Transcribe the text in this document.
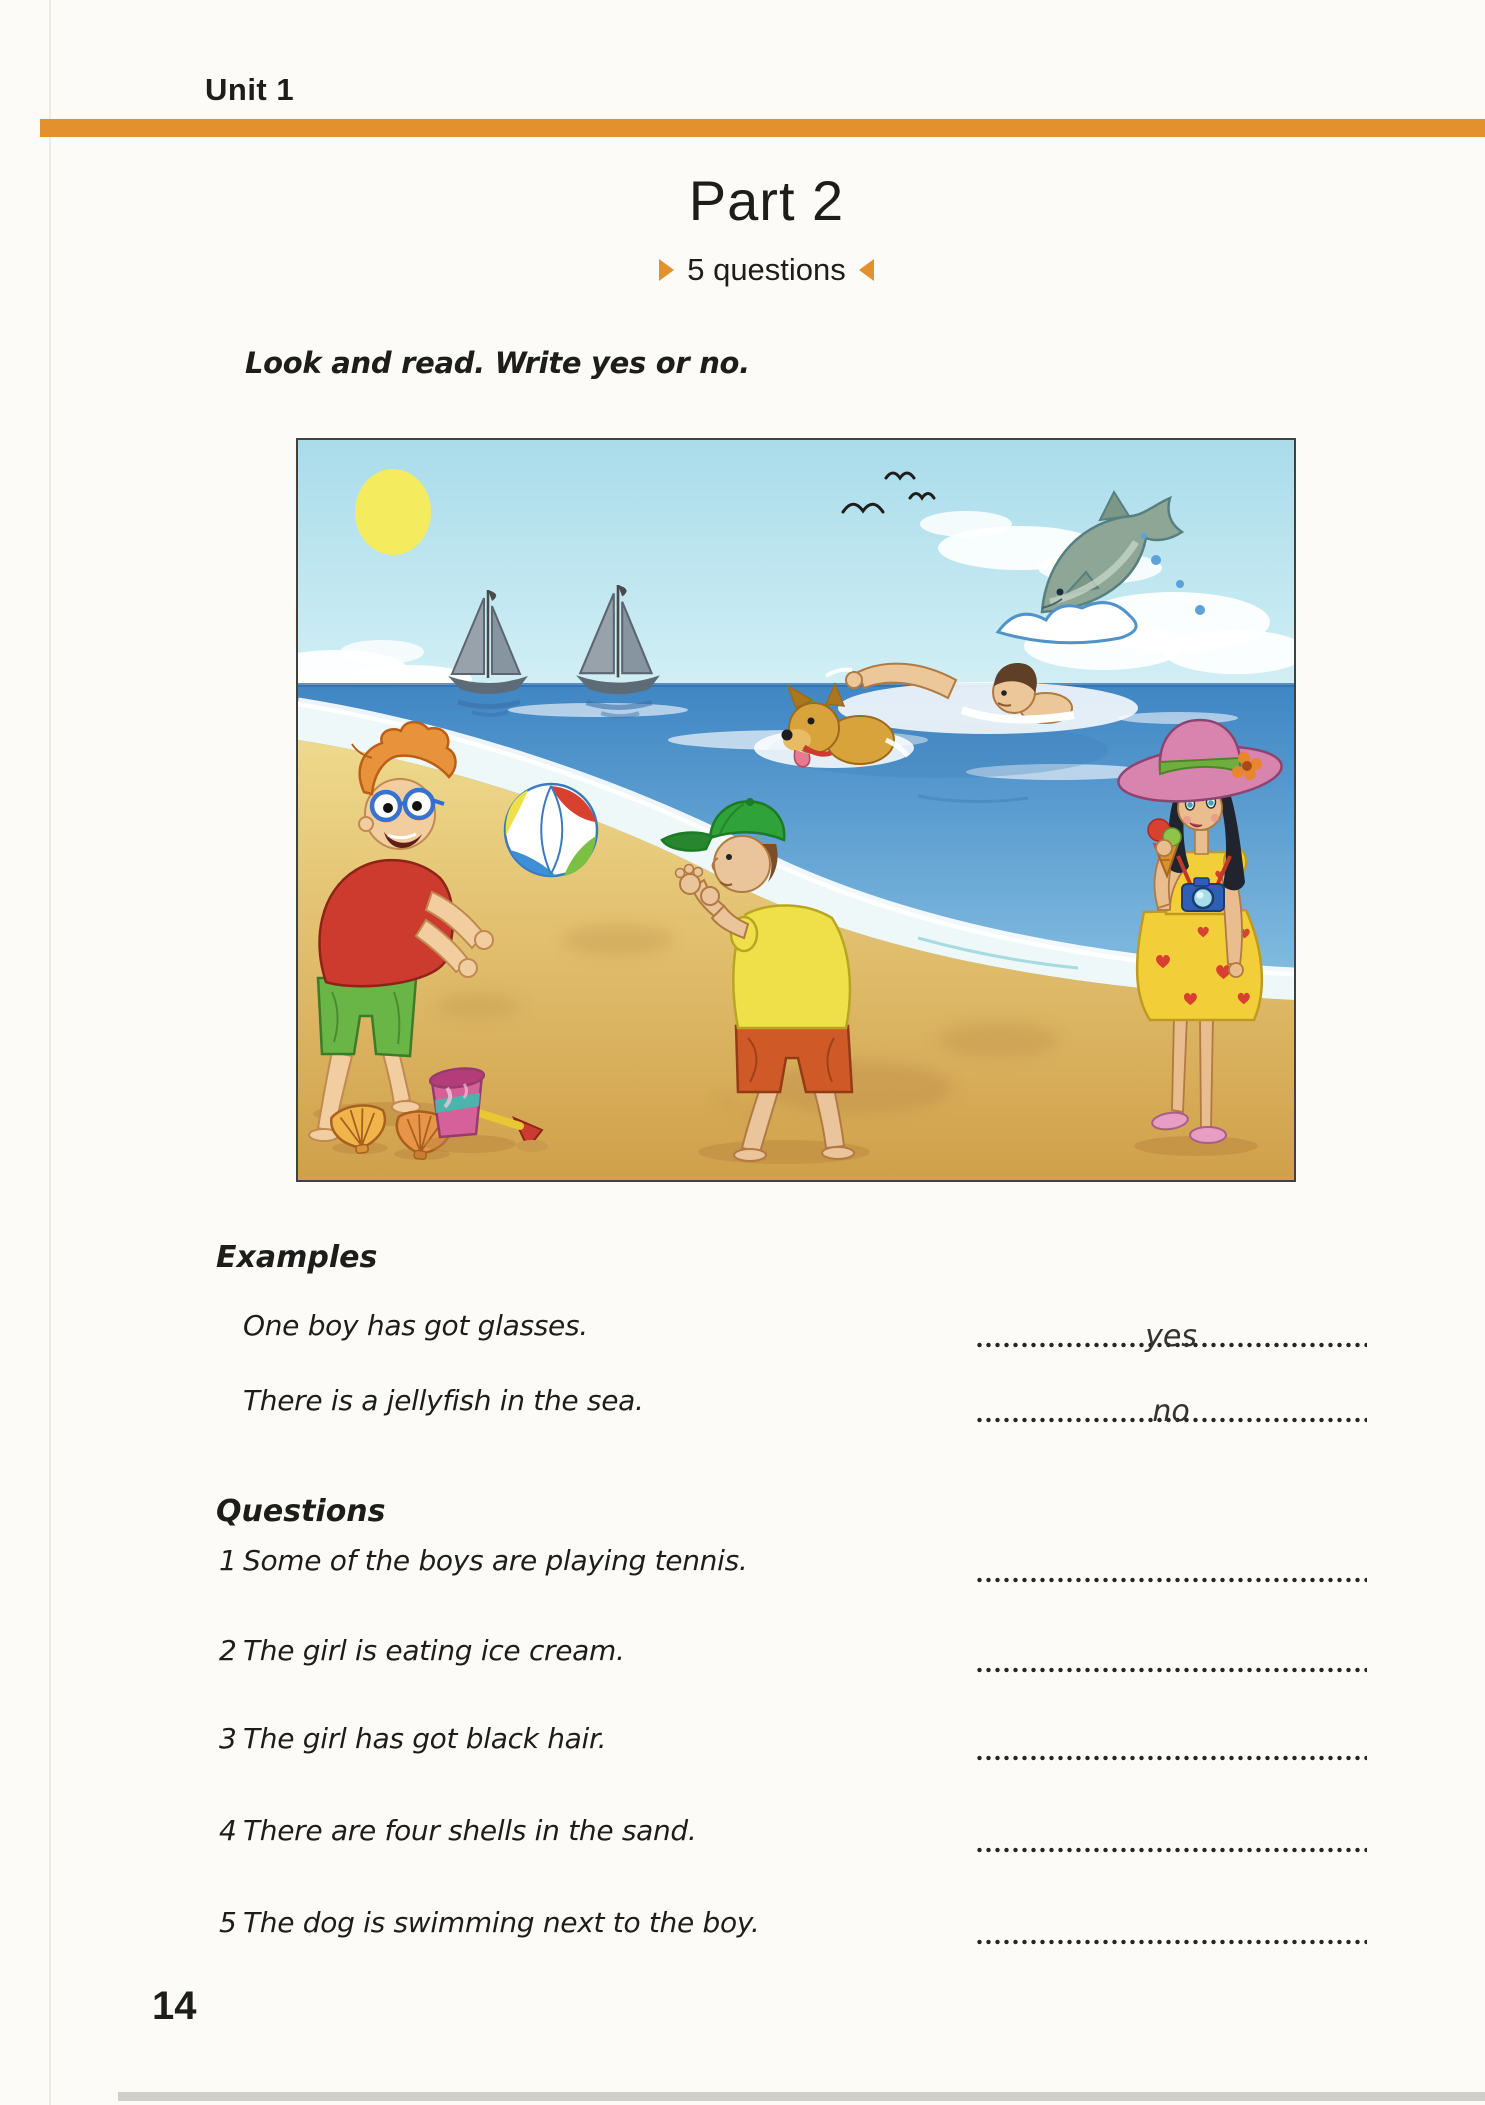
Unit 1
Part 2
5 questions

Look and read. Write yes or no.

Examples
One boy has got glasses.	yes
There is a jellyfish in the sea.	no
Questions
1 Some of the boys are playing tennis.
2 The girl is eating ice cream.
3 The girl has got black hair.
4 There are four shells in the sand.
5 The dog is swimming next to the boy.
14
